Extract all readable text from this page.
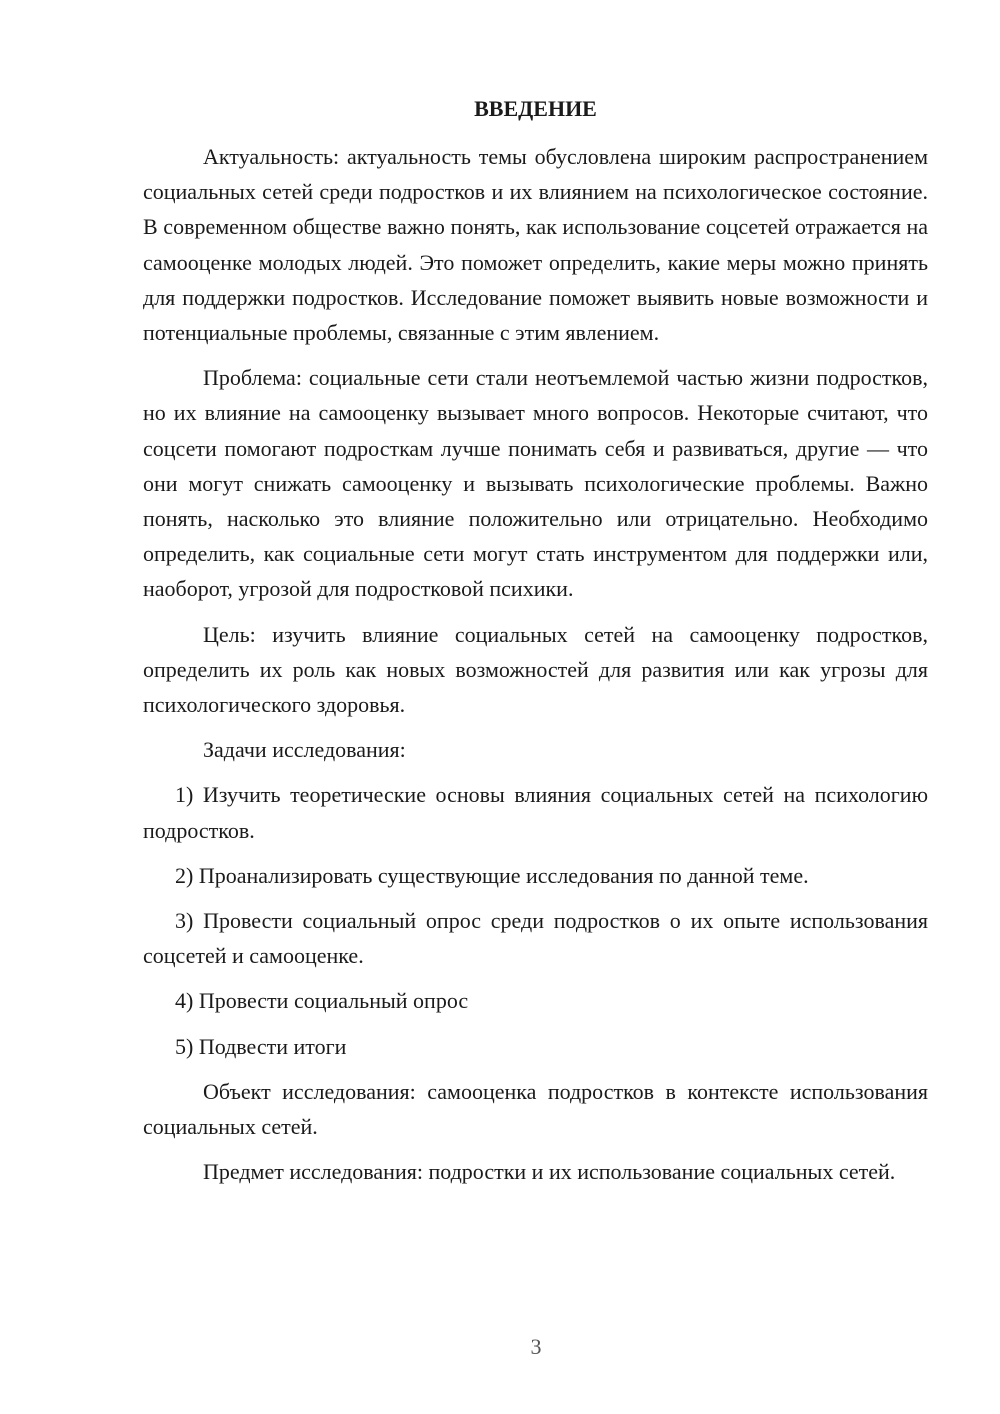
ВВЕДЕНИЕ

Актуальность: актуальность темы обусловлена широким распространением социальных сетей среди подростков и их влиянием на психологическое состояние. В современном обществе важно понять, как использование соцсетей отражается на самооценке молодых людей. Это поможет определить, какие меры можно принять для поддержки подростков. Исследование поможет выявить новые возможности и потенциальные проблемы, связанные с этим явлением.

Проблема: социальные сети стали неотъемлемой частью жизни подростков, но их влияние на самооценку вызывает много вопросов. Некоторые считают, что соцсети помогают подросткам лучше понимать себя и развиваться, другие — что они могут снижать самооценку и вызывать психологические проблемы. Важно понять, насколько это влияние положительно или отрицательно. Необходимо определить, как социальные сети могут стать инструментом для поддержки или, наоборот, угрозой для подростковой психики.

Цель: изучить влияние социальных сетей на самооценку подростков, определить их роль как новых возможностей для развития или как угрозы для психологического здоровья.

Задачи исследования:

1) Изучить теоретические основы влияния социальных сетей на психологию подростков.

2) Проанализировать существующие исследования по данной теме.

3) Провести социальный опрос среди подростков о их опыте использования соцсетей и самооценке.

4) Провести социальный опрос

5) Подвести итоги

Объект исследования: самооценка подростков в контексте использования социальных сетей.

Предмет исследования: подростки и их использование социальных сетей.

3
